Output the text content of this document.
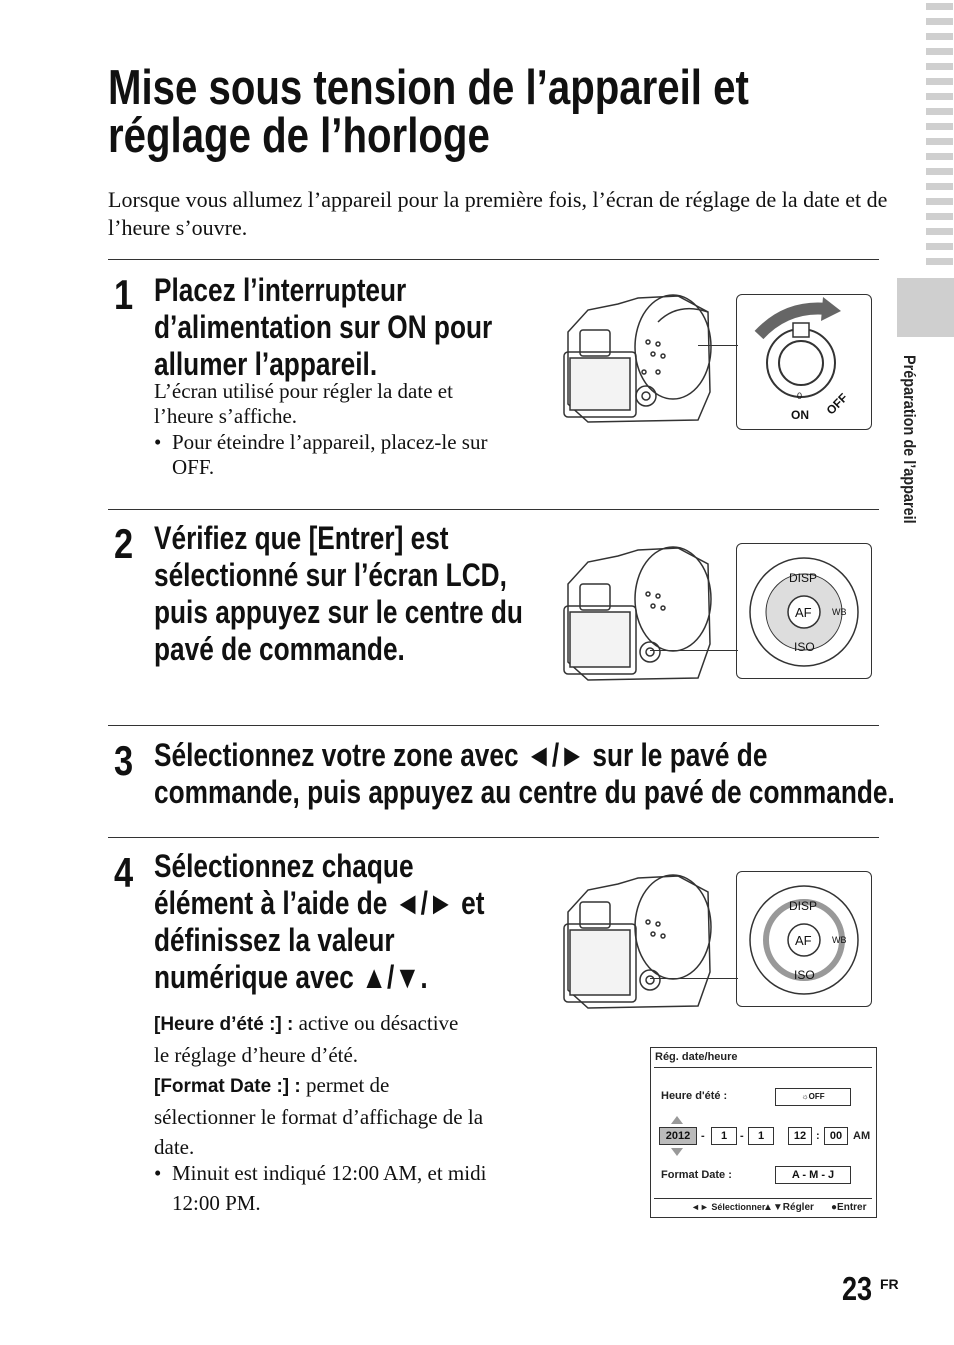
Préparation de l’appareil
Mise sous tension de l’appareil et
réglage de l’horloge
Lorsque vous allumez l’appareil pour la première fois, l’écran de réglage de la date et de l’heure s’ouvre.
1 Placez l’interrupteur
d’alimentation sur ON pour
allumer l’appareil.
L’écran utilisé pour régler la date et
l’heure s’affiche.
• Pour éteindre l’appareil, placez-le sur
OFF.
ON
0 OFF
2 Vérifiez que [Entrer] est
sélectionné sur l’écran LCD,
puis appuyez sur le centre du
pavé de commande.
DISP
ISO
AF WB
3 Sélectionnez votre zone avec ◄/► sur le pavé de
commande, puis appuyez au centre du pavé de commande.
4 Sélectionnez chaque
élément à l’aide de ◄/► et
définissez la valeur
numérique avec ▲/▼.
[Heure d’été :] : active ou désactive
le réglage d’heure d’été.
[Format Date :] : permet de
sélectionner le format d’affichage de la
date.
• Minuit est indiqué 12:00 AM, et midi
12:00 PM.
DISP
ISO
AF WB
Rég. date/heure
Heure d'été :	☼OFF
2012 -	1	-	1	12 : 00 AM
Format Date :	A - M - J
◄► Sélectionner
▲▼Régler ●Entrer
23 FR
